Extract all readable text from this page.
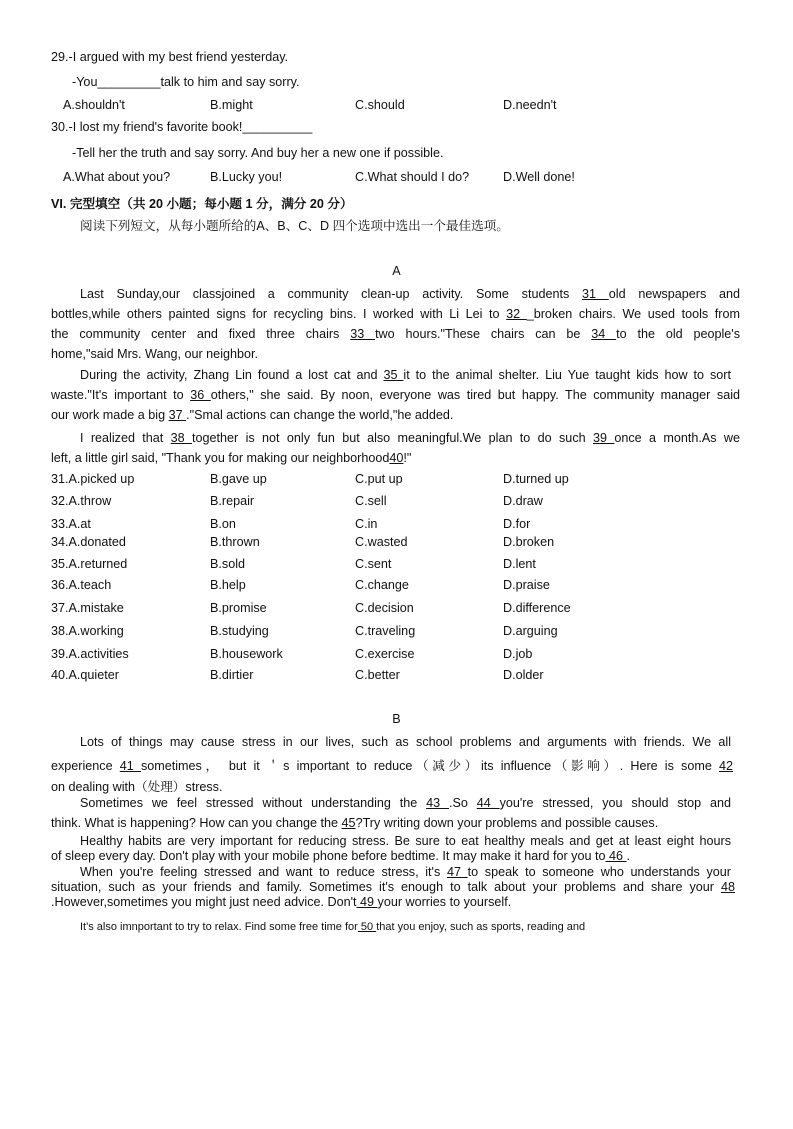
29.-I argued with my best friend yesterday.
-You_________talk to him and say sorry.
A.shouldn't	B.might	C.should	D.needn't
30.-I lost my friend's favorite book!__________
-Tell her the truth and say sorry. And buy her a new one if possible.
A.What about you?	B.Lucky you!	C.What should I do?	D.Well done!
VI. 完型填空（共 20 小题；每小题 1 分，满分 20 分）
阅读下列短文，从每小题所给的A、B、C、D 四个选项中选出一个最佳选项。
A
Last Sunday,our classjoined a community clean-up activity. Some students 31 old newspapers and
bottles,while others painted signs for recycling bins. I worked with Li Lei to 32 _broken chairs. We used tools from
the community center and fixed three chairs 33 two hours."These chairs can be 34 to the old people's
home,"said Mrs. Wang, our neighbor.
During the activity, Zhang Lin found a lost cat and 35 it to the animal shelter. Liu Yue taught kids how to sort
waste."It's important to 36 others," she said. By noon, everyone was tired but happy. The community manager said
our work made a big 37 ."Smal actions can change the world,"he added.
I realized that 38 together is not only fun but also meaningful.We plan to do such 39 once a month.As we
left, a little girl said, "Thank you for making our neighborhood40!"
31.A.picked up	B.gave up	C.put up	D.turned up
32.A.throw	B.repair	C.sell	D.draw
33.A.at	B.on	C.in	D.for
34.A.donated	B.thrown	C.wasted	D.broken
35.A.returned	B.sold	C.sent	D.lent
36.A.teach	B.help	C.change	D.praise
37.A.mistake	B.promise	C.decision	D.difference
38.A.working	B.studying	C.traveling	D.arguing
39.A.activities	B.housework	C.exercise	D.job
40.A.quieter	B.dirtier	C.better	D.older
B
Lots of things may cause stress in our lives, such as school problems and arguments with friends. We all
experience 41 sometimes， but it ＇s important to reduce（减少）its influence（影响）. Here is some 42
on dealing with（处理）stress.
Sometimes we feel stressed without understanding the 43 .So 44 you're stressed, you should stop and
think. What is happening? How can you change the 45?Try writing down your problems and possible causes.
Healthy habits are very important for reducing stress. Be sure to eat healthy meals and get at least eight hours
of sleep every day. Don't play with your mobile phone before bedtime. It may make it hard for you to 46 .
When you're feeling stressed and want to reduce stress, it's 47 to speak to someone who understands your
situation, such as your friends and family. Sometimes it's enough to talk about your problems and share your 48
.However,sometimes you might just need advice. Don't 49 your worries to yourself.
It's also imnportant to try to relax. Find some free time for 50 that you enjoy, such as sports, reading and
